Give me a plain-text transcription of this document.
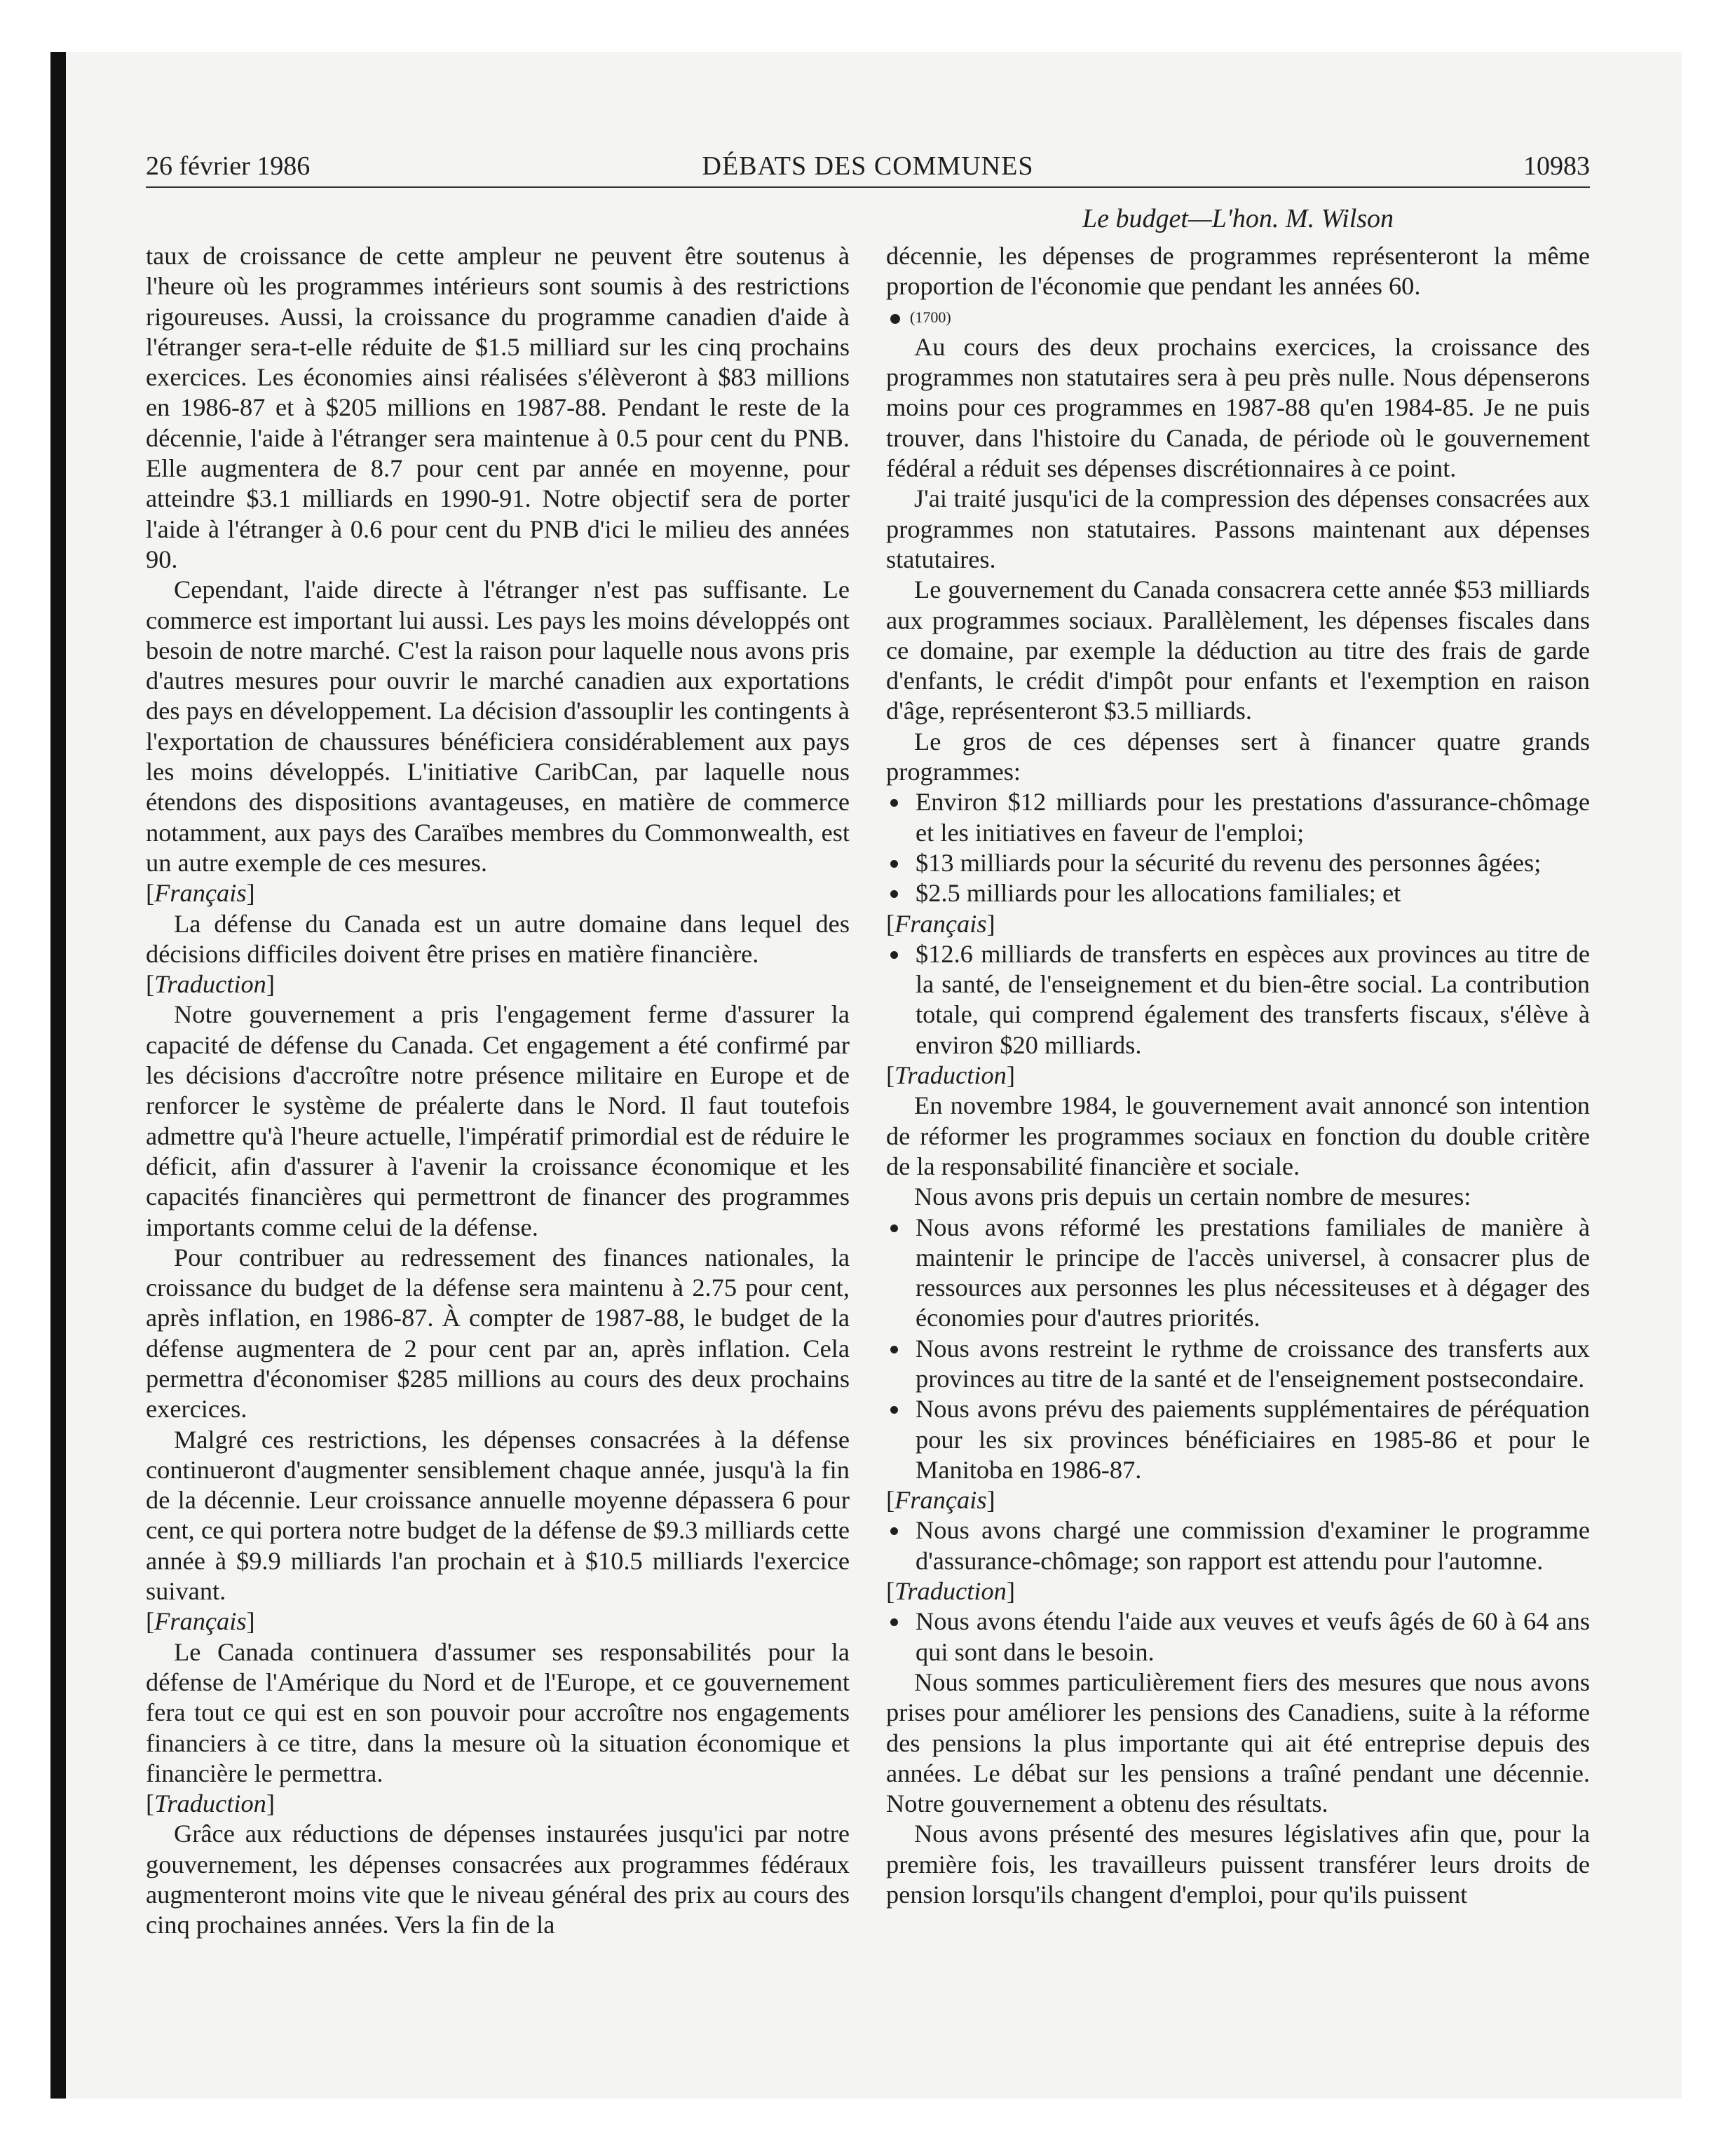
26 février 1986	DÉBATS DES COMMUNES	10983
Le budget—L'hon. M. Wilson

taux de croissance de cette ampleur ne peuvent être soutenus à l'heure où les programmes intérieurs sont soumis à des restrictions rigoureuses. Aussi, la croissance du programme canadien d'aide à l'étranger sera-t-elle réduite de $1.5 milliard sur les cinq prochains exercices. Les économies ainsi réalisées s'élèveront à $83 millions en 1986-87 et à $205 millions en 1987-88. Pendant le reste de la décennie, l'aide à l'étranger sera maintenue à 0.5 pour cent du PNB. Elle augmentera de 8.7 pour cent par année en moyenne, pour atteindre $3.1 milliards en 1990-91. Notre objectif sera de porter l'aide à l'étranger à 0.6 pour cent du PNB d'ici le milieu des années 90.

Cependant, l'aide directe à l'étranger n'est pas suffisante. Le commerce est important lui aussi. Les pays les moins développés ont besoin de notre marché. C'est la raison pour laquelle nous avons pris d'autres mesures pour ouvrir le marché canadien aux exportations des pays en développement. La décision d'assouplir les contingents à l'exportation de chaussures bénéficiera considérablement aux pays les moins développés. L'initiative CaribCan, par laquelle nous étendons des dispositions avantageuses, en matière de commerce notamment, aux pays des Caraïbes membres du Commonwealth, est un autre exemple de ces mesures.

[Français]

La défense du Canada est un autre domaine dans lequel des décisions difficiles doivent être prises en matière financière.

[Traduction]

Notre gouvernement a pris l'engagement ferme d'assurer la capacité de défense du Canada. Cet engagement a été confirmé par les décisions d'accroître notre présence militaire en Europe et de renforcer le système de préalerte dans le Nord. Il faut toutefois admettre qu'à l'heure actuelle, l'impératif primordial est de réduire le déficit, afin d'assurer à l'avenir la croissance économique et les capacités financières qui permettront de financer des programmes importants comme celui de la défense.

Pour contribuer au redressement des finances nationales, la croissance du budget de la défense sera maintenu à 2.75 pour cent, après inflation, en 1986-87. À compter de 1987-88, le budget de la défense augmentera de 2 pour cent par an, après inflation. Cela permettra d'économiser $285 millions au cours des deux prochains exercices.

Malgré ces restrictions, les dépenses consacrées à la défense continueront d'augmenter sensiblement chaque année, jusqu'à la fin de la décennie. Leur croissance annuelle moyenne dépassera 6 pour cent, ce qui portera notre budget de la défense de $9.3 milliards cette année à $9.9 milliards l'an prochain et à $10.5 milliards l'exercice suivant.

[Français]

Le Canada continuera d'assumer ses responsabilités pour la défense de l'Amérique du Nord et de l'Europe, et ce gouvernement fera tout ce qui est en son pouvoir pour accroître nos engagements financiers à ce titre, dans la mesure où la situation économique et financière le permettra.

[Traduction]

Grâce aux réductions de dépenses instaurées jusqu'ici par notre gouvernement, les dépenses consacrées aux programmes fédéraux augmenteront moins vite que le niveau général des prix au cours des cinq prochaines années. Vers la fin de la

décennie, les dépenses de programmes représenteront la même proportion de l'économie que pendant les années 60.

(1700)

Au cours des deux prochains exercices, la croissance des programmes non statutaires sera à peu près nulle. Nous dépenserons moins pour ces programmes en 1987-88 qu'en 1984-85. Je ne puis trouver, dans l'histoire du Canada, de période où le gouvernement fédéral a réduit ses dépenses discrétionnaires à ce point.

J'ai traité jusqu'ici de la compression des dépenses consacrées aux programmes non statutaires. Passons maintenant aux dépenses statutaires.

Le gouvernement du Canada consacrera cette année $53 milliards aux programmes sociaux. Parallèlement, les dépenses fiscales dans ce domaine, par exemple la déduction au titre des frais de garde d'enfants, le crédit d'impôt pour enfants et l'exemption en raison d'âge, représenteront $3.5 milliards.

Le gros de ces dépenses sert à financer quatre grands programmes:

Environ $12 milliards pour les prestations d'assurance-chômage et les initiatives en faveur de l'emploi;
$13 milliards pour la sécurité du revenu des personnes âgées;
$2.5 milliards pour les allocations familiales; et

[Français]

$12.6 milliards de transferts en espèces aux provinces au titre de la santé, de l'enseignement et du bien-être social. La contribution totale, qui comprend également des transferts fiscaux, s'élève à environ $20 milliards.

[Traduction]

En novembre 1984, le gouvernement avait annoncé son intention de réformer les programmes sociaux en fonction du double critère de la responsabilité financière et sociale.

Nous avons pris depuis un certain nombre de mesures:

Nous avons réformé les prestations familiales de manière à maintenir le principe de l'accès universel, à consacrer plus de ressources aux personnes les plus nécessiteuses et à dégager des économies pour d'autres priorités.
Nous avons restreint le rythme de croissance des transferts aux provinces au titre de la santé et de l'enseignement postsecondaire.
Nous avons prévu des paiements supplémentaires de péréquation pour les six provinces bénéficiaires en 1985-86 et pour le Manitoba en 1986-87.

[Français]

Nous avons chargé une commission d'examiner le programme d'assurance-chômage; son rapport est attendu pour l'automne.

[Traduction]

Nous avons étendu l'aide aux veuves et veufs âgés de 60 à 64 ans qui sont dans le besoin.

Nous sommes particulièrement fiers des mesures que nous avons prises pour améliorer les pensions des Canadiens, suite à la réforme des pensions la plus importante qui ait été entreprise depuis des années. Le débat sur les pensions a traîné pendant une décennie. Notre gouvernement a obtenu des résultats.

Nous avons présenté des mesures législatives afin que, pour la première fois, les travailleurs puissent transférer leurs droits de pension lorsqu'ils changent d'emploi, pour qu'ils puissent
